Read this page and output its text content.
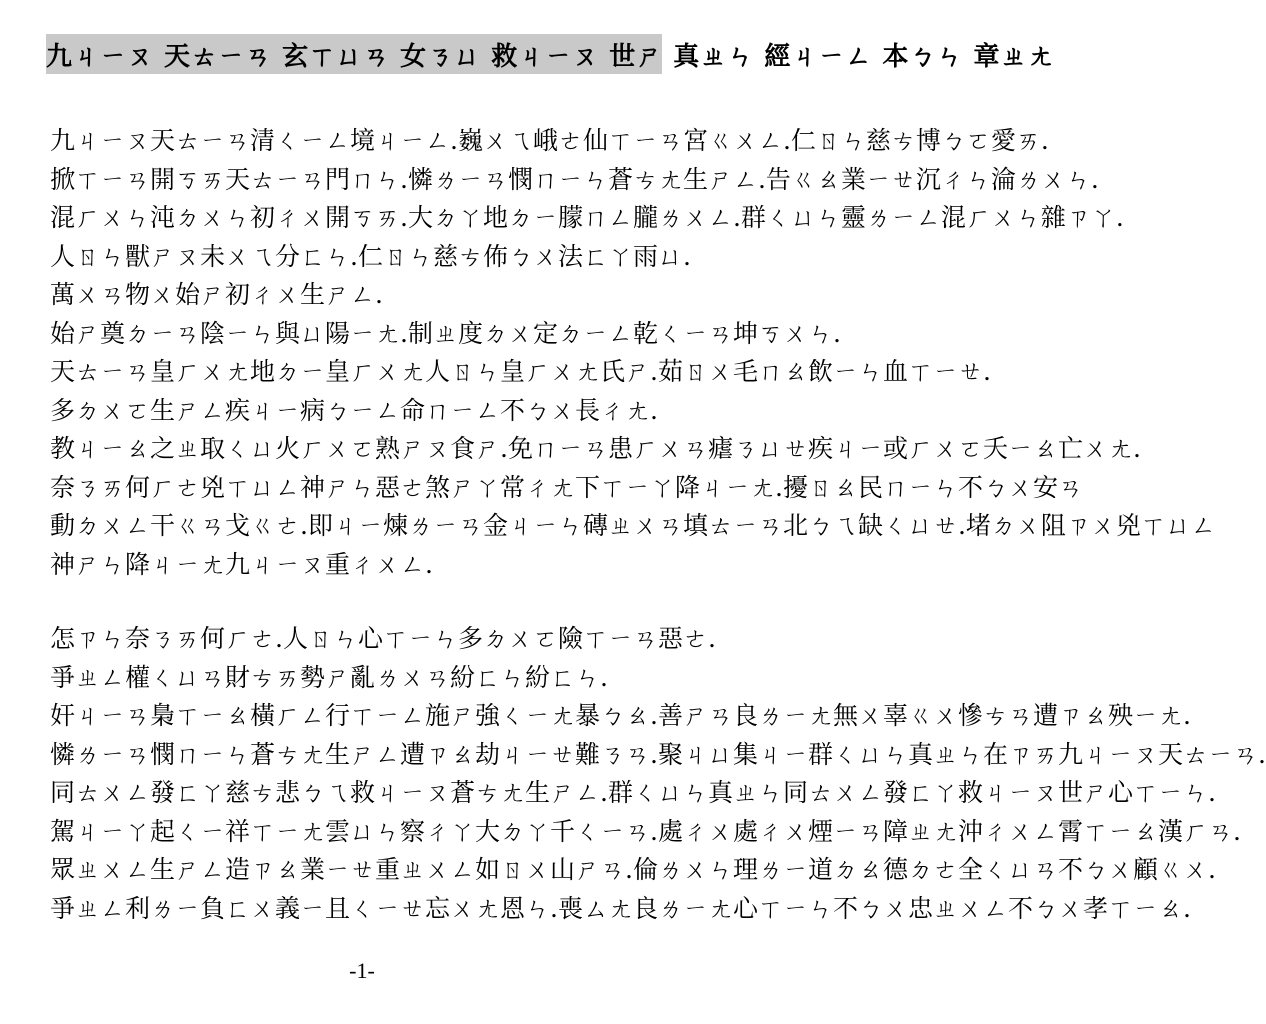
九ㄐㄧㄡ 天ㄊㄧㄢ 玄ㄒㄩㄢ 女ㄋㄩ 救ㄐㄧㄡ 世ㄕ 真ㄓㄣ 經ㄐㄧㄥ 本ㄅㄣ 章ㄓㄤ
九ㄐㄧㄡ天ㄊㄧㄢ清ㄑㄧㄥ境ㄐㄧㄥ.巍ㄨㄟ峨ㄜ仙ㄒㄧㄢ宮ㄍㄨㄥ.仁ㄖㄣ慈ㄘ博ㄅㄛ愛ㄞ.
掀ㄒㄧㄢ開ㄎㄞ天ㄊㄧㄢ門ㄇㄣ.憐ㄌㄧㄢ憫ㄇㄧㄣ蒼ㄘㄤ生ㄕㄥ.告ㄍㄠ業ㄧㄝ沉ㄔㄣ淪ㄌㄨㄣ.
混ㄏㄨㄣ沌ㄉㄨㄣ初ㄔㄨ開ㄎㄞ.大ㄉㄚ地ㄉㄧ朦ㄇㄥ朧ㄌㄨㄥ.群ㄑㄩㄣ靈ㄌㄧㄥ混ㄏㄨㄣ雜ㄗㄚ.
人ㄖㄣ獸ㄕㄡ未ㄨㄟ分ㄈㄣ.仁ㄖㄣ慈ㄘ佈ㄅㄨ法ㄈㄚ雨ㄩ.
萬ㄨㄢ物ㄨ始ㄕ初ㄔㄨ生ㄕㄥ.
始ㄕ奠ㄉㄧㄢ陰ㄧㄣ與ㄩ陽ㄧㄤ.制ㄓ度ㄉㄨ定ㄉㄧㄥ乾ㄑㄧㄢ坤ㄎㄨㄣ.
天ㄊㄧㄢ皇ㄏㄨㄤ地ㄉㄧ皇ㄏㄨㄤ人ㄖㄣ皇ㄏㄨㄤ氏ㄕ.茹ㄖㄨ毛ㄇㄠ飲ㄧㄣ血ㄒㄧㄝ.
多ㄉㄨㄛ生ㄕㄥ疾ㄐㄧ病ㄅㄧㄥ命ㄇㄧㄥ不ㄅㄨ長ㄔㄤ.
教ㄐㄧㄠ之ㄓ取ㄑㄩ火ㄏㄨㄛ熟ㄕㄡ食ㄕ.免ㄇㄧㄢ患ㄏㄨㄢ瘧ㄋㄩㄝ疾ㄐㄧ或ㄏㄨㄛ夭ㄧㄠ亡ㄨㄤ.
奈ㄋㄞ何ㄏㄜ兇ㄒㄩㄥ神ㄕㄣ惡ㄜ煞ㄕㄚ常ㄔㄤ下ㄒㄧㄚ降ㄐㄧㄤ.擾ㄖㄠ民ㄇㄧㄣ不ㄅㄨ安ㄢ
動ㄉㄨㄥ干ㄍㄢ戈ㄍㄜ.即ㄐㄧ煉ㄌㄧㄢ金ㄐㄧㄣ磚ㄓㄨㄢ填ㄊㄧㄢ北ㄅㄟ缺ㄑㄩㄝ.堵ㄉㄨ阻ㄗㄨ兇ㄒㄩㄥ
神ㄕㄣ降ㄐㄧㄤ九ㄐㄧㄡ重ㄔㄨㄥ.
怎ㄗㄣ奈ㄋㄞ何ㄏㄜ.人ㄖㄣ心ㄒㄧㄣ多ㄉㄨㄛ險ㄒㄧㄢ惡ㄜ.
爭ㄓㄥ權ㄑㄩㄢ財ㄘㄞ勢ㄕ亂ㄌㄨㄢ紛ㄈㄣ紛ㄈㄣ.
奸ㄐㄧㄢ梟ㄒㄧㄠ橫ㄏㄥ行ㄒㄧㄥ施ㄕ強ㄑㄧㄤ暴ㄅㄠ.善ㄕㄢ良ㄌㄧㄤ無ㄨ辜ㄍㄨ慘ㄘㄢ遭ㄗㄠ殃ㄧㄤ.
憐ㄌㄧㄢ憫ㄇㄧㄣ蒼ㄘㄤ生ㄕㄥ遭ㄗㄠ劫ㄐㄧㄝ難ㄋㄢ.聚ㄐㄩ集ㄐㄧ群ㄑㄩㄣ真ㄓㄣ在ㄗㄞ九ㄐㄧㄡ天ㄊㄧㄢ.
同ㄊㄨㄥ發ㄈㄚ慈ㄘ悲ㄅㄟ救ㄐㄧㄡ蒼ㄘㄤ生ㄕㄥ.群ㄑㄩㄣ真ㄓㄣ同ㄊㄨㄥ發ㄈㄚ救ㄐㄧㄡ世ㄕ心ㄒㄧㄣ.
駕ㄐㄧㄚ起ㄑㄧ祥ㄒㄧㄤ雲ㄩㄣ察ㄔㄚ大ㄉㄚ千ㄑㄧㄢ.處ㄔㄨ處ㄔㄨ煙ㄧㄢ障ㄓㄤ沖ㄔㄨㄥ霄ㄒㄧㄠ漢ㄏㄢ.
眾ㄓㄨㄥ生ㄕㄥ造ㄗㄠ業ㄧㄝ重ㄓㄨㄥ如ㄖㄨ山ㄕㄢ.倫ㄌㄨㄣ理ㄌㄧ道ㄉㄠ德ㄉㄜ全ㄑㄩㄢ不ㄅㄨ顧ㄍㄨ.
爭ㄓㄥ利ㄌㄧ負ㄈㄨ義ㄧ且ㄑㄧㄝ忘ㄨㄤ恩ㄣ.喪ㄙㄤ良ㄌㄧㄤ心ㄒㄧㄣ不ㄅㄨ忠ㄓㄨㄥ不ㄅㄨ孝ㄒㄧㄠ.
-1-
